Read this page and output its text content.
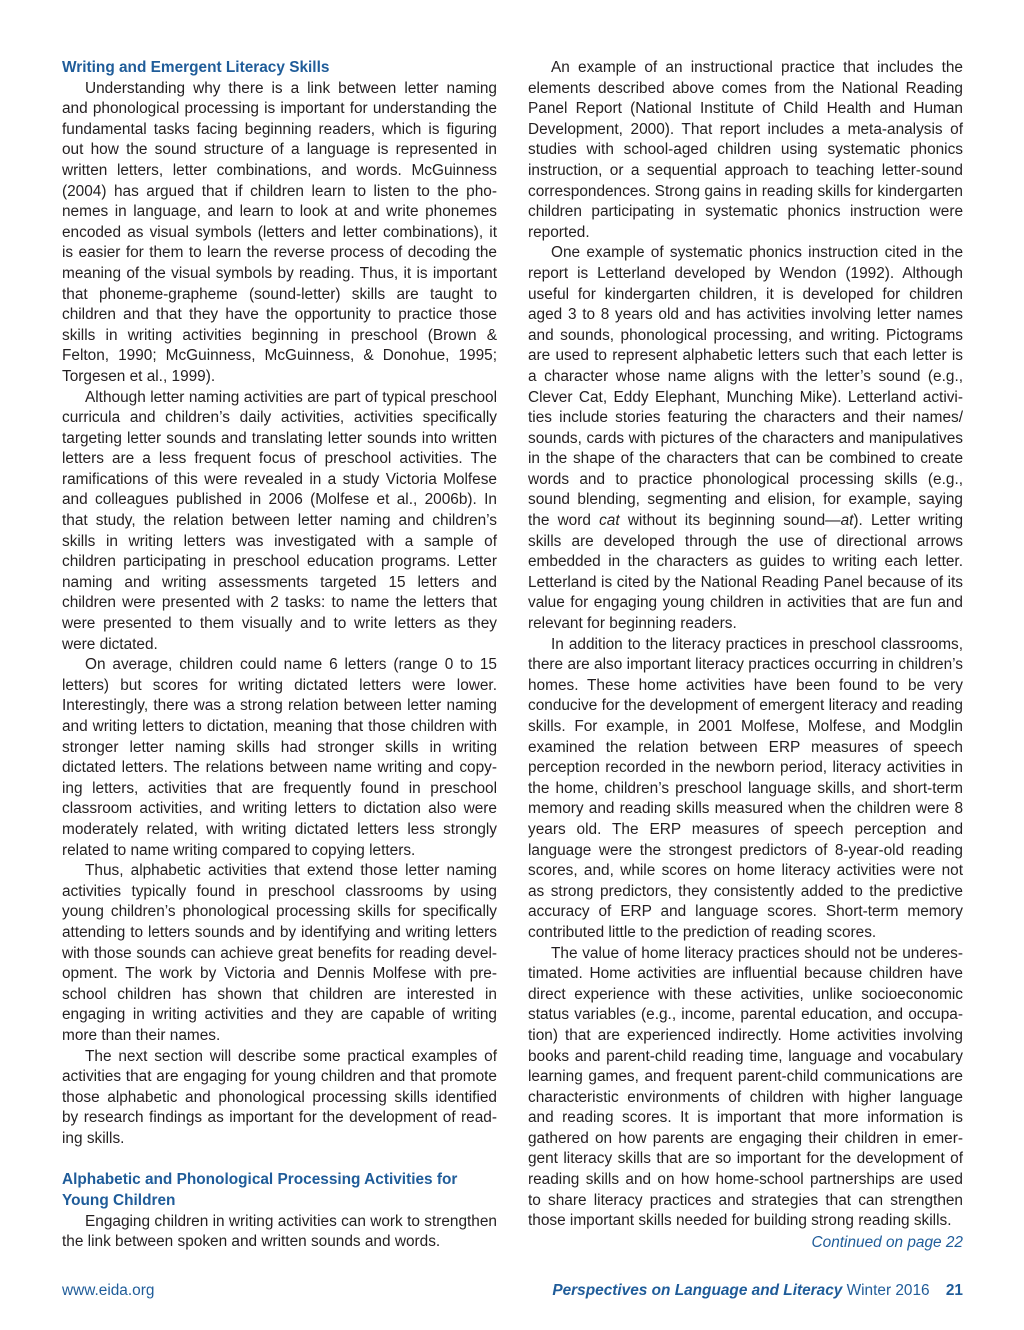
Writing and Emergent Literacy Skills

Understanding why there is a link between letter naming and phonological processing is important for understanding the fundamental tasks facing beginning readers, which is figuring out how the sound structure of a language is represented in written letters, letter combinations, and words. McGuinness (2004) has argued that if children learn to listen to the phonemes in language, and learn to look at and write phonemes encoded as visual symbols (letters and letter combinations), it is easier for them to learn the reverse process of decoding the meaning of the visual symbols by reading. Thus, it is important that phoneme-grapheme (sound-letter) skills are taught to children and that they have the opportunity to practice those skills in writing activities beginning in preschool (Brown & Felton, 1990; McGuinness, McGuinness, & Donohue, 1995; Torgesen et al., 1999).

Although letter naming activities are part of typical preschool curricula and children’s daily activities, activities specifically targeting letter sounds and translating letter sounds into written letters are a less frequent focus of preschool activities. The ramifications of this were revealed in a study Victoria Molfese and colleagues published in 2006 (Molfese et al., 2006b). In that study, the relation between letter naming and children’s skills in writing letters was investigated with a sample of children participating in preschool education programs. Letter naming and writing assessments targeted 15 letters and children were presented with 2 tasks: to name the letters that were presented to them visually and to write letters as they were dictated.

On average, children could name 6 letters (range 0 to 15 letters) but scores for writing dictated letters were lower. Interestingly, there was a strong relation between letter naming and writing letters to dictation, meaning that those children with stronger letter naming skills had stronger skills in writing dictated letters. The relations between name writing and copying letters, activities that are frequently found in preschool classroom activities, and writing letters to dictation also were moderately related, with writing dictated letters less strongly related to name writing compared to copying letters.

Thus, alphabetic activities that extend those letter naming activities typically found in preschool classrooms by using young children’s phonological processing skills for specifically attending to letters sounds and by identifying and writing letters with those sounds can achieve great benefits for reading development. The work by Victoria and Dennis Molfese with preschool children has shown that children are interested in engaging in writing activities and they are capable of writing more than their names.

The next section will describe some practical examples of activities that are engaging for young children and that promote those alphabetic and phonological processing skills identified by research findings as important for the development of reading skills.

Alphabetic and Phonological Processing Activities for Young Children

Engaging children in writing activities can work to strengthen the link between spoken and written sounds and words.

An example of an instructional practice that includes the elements described above comes from the National Reading Panel Report (National Institute of Child Health and Human Development, 2000). That report includes a meta-analysis of studies with school-aged children using systematic phonics instruction, or a sequential approach to teaching letter-sound correspondences. Strong gains in reading skills for kindergarten children participating in systematic phonics instruction were reported.

One example of systematic phonics instruction cited in the report is Letterland developed by Wendon (1992). Although useful for kindergarten children, it is developed for children aged 3 to 8 years old and has activities involving letter names and sounds, phonological processing, and writing. Pictograms are used to represent alphabetic letters such that each letter is a character whose name aligns with the letter’s sound (e.g., Clever Cat, Eddy Elephant, Munching Mike). Letterland activities include stories featuring the characters and their names/ sounds, cards with pictures of the characters and manipulatives in the shape of the characters that can be combined to create words and to practice phonological processing skills (e.g., sound blending, segmenting and elision, for example, saying the word cat without its beginning sound—at). Letter writing skills are developed through the use of directional arrows embedded in the characters as guides to writing each letter. Letterland is cited by the National Reading Panel because of its value for engaging young children in activities that are fun and relevant for beginning readers.

In addition to the literacy practices in preschool classrooms, there are also important literacy practices occurring in children’s homes. These home activities have been found to be very conducive for the development of emergent literacy and reading skills. For example, in 2001 Molfese, Molfese, and Modglin examined the relation between ERP measures of speech perception recorded in the newborn period, literacy activities in the home, children’s preschool language skills, and short-term memory and reading skills measured when the children were 8 years old. The ERP measures of speech perception and language were the strongest predictors of 8-year-old reading scores, and, while scores on home literacy activities were not as strong predictors, they consistently added to the predictive accuracy of ERP and language scores. Short-term memory contributed little to the prediction of reading scores.

The value of home literacy practices should not be underestimated. Home activities are influential because children have direct experience with these activities, unlike socioeconomic status variables (e.g., income, parental education, and occupation) that are experienced indirectly. Home activities involving books and parent-child reading time, language and vocabulary learning games, and frequent parent-child communications are characteristic environments of children with higher language and reading scores. It is important that more information is gathered on how parents are engaging their children in emergent literacy skills that are so important for the development of reading skills and on how home-school partnerships are used to share literacy practices and strategies that can strengthen those important skills needed for building strong reading skills.

Continued on page 22
www.eida.org	Perspectives on Language and Literacy Winter 2016 21
